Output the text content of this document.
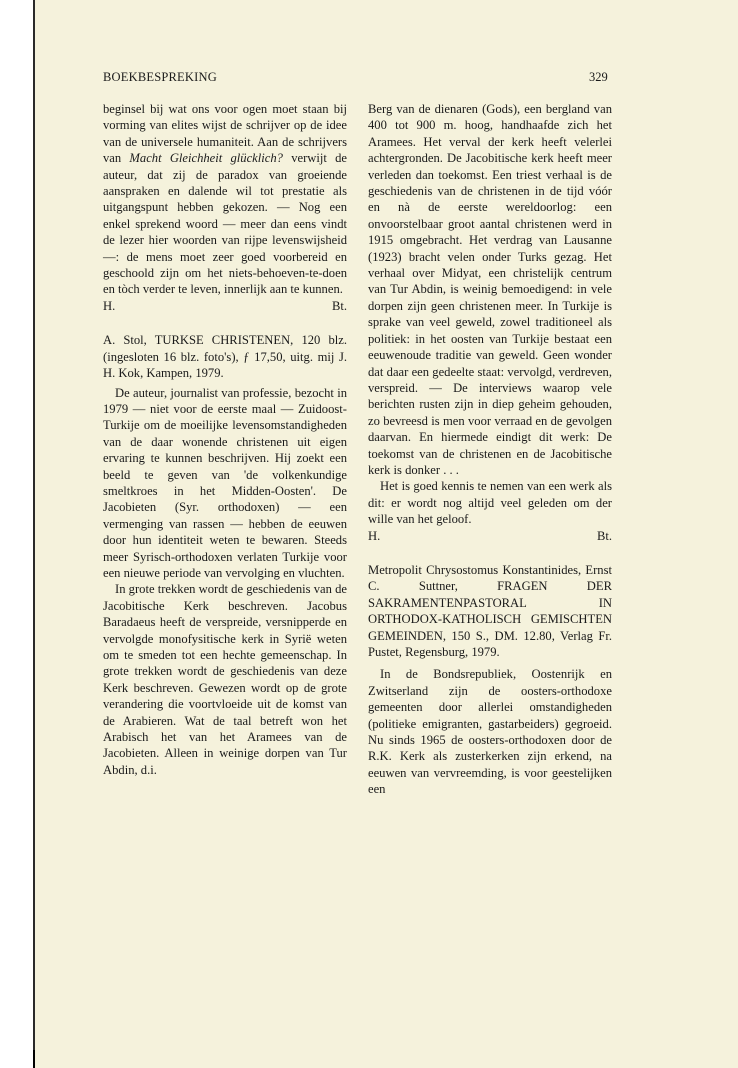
BOEKBESPREKING	329

beginsel bij wat ons voor ogen moet staan bij vorming van elites wijst de schrijver op de idee van de universele humaniteit. Aan de schrijvers van Macht Gleichheit glücklich? verwijt de auteur, dat zij de paradox van groeiende aanspraken en dalende wil tot prestatie als uitgangspunt hebben gekozen. — Nog een enkel sprekend woord — meer dan eens vindt de lezer hier woorden van rijpe levenswijsheid —: de mens moet zeer goed voorbereid en geschoold zijn om het niets-behoeven-te-doen en tòch verder te leven, innerlijk aan te kunnen.

H.	Bt.

A. Stol, TURKSE CHRISTENEN, 120 blz. (ingesloten 16 blz. foto's), ƒ 17,50, uitg. mij J. H. Kok, Kampen, 1979.

De auteur, journalist van professie, bezocht in 1979 — niet voor de eerste maal — Zuidoost-Turkije om de moeilijke levensomstandigheden van de daar wonende christenen uit eigen ervaring te kunnen beschrijven. Hij zoekt een beeld te geven van 'de volkenkundige smeltkroes in het Midden-Oosten'. De Jacobieten (Syr. orthodoxen) — een vermenging van rassen — hebben de eeuwen door hun identiteit weten te bewaren. Steeds meer Syrisch-orthodoxen verlaten Turkije voor een nieuwe periode van vervolging en vluchten.

In grote trekken wordt de geschiedenis van de Jacobitische Kerk beschreven. Jacobus Baradaeus heeft de verspreide, versnipperde en vervolgde monofysitische kerk in Syrië weten om te smeden tot een hechte gemeenschap. In grote trekken wordt de geschiedenis van deze Kerk beschreven. Gewezen wordt op de grote verandering die voortvloeide uit de komst van de Arabieren. Wat de taal betreft won het Arabisch het van het Aramees van de Jacobieten. Alleen in weinige dorpen van Tur Abdin, d.i.

Berg van de dienaren (Gods), een bergland van 400 tot 900 m. hoog, handhaafde zich het Aramees. Het verval der kerk heeft velerlei achtergronden. De Jacobitische kerk heeft meer verleden dan toekomst. Een triest verhaal is de geschiedenis van de christenen in de tijd vóór en nà de eerste wereldoorlog: een onvoorstelbaar groot aantal christenen werd in 1915 omgebracht. Het verdrag van Lausanne (1923) bracht velen onder Turks gezag. Het verhaal over Midyat, een christelijk centrum van Tur Abdin, is weinig bemoedigend: in vele dorpen zijn geen christenen meer. In Turkije is sprake van veel geweld, zowel traditioneel als politiek: in het oosten van Turkije bestaat een eeuwenoude traditie van geweld. Geen wonder dat daar een gedeelte staat: vervolgd, verdreven, verspreid. — De interviews waarop vele berichten rusten zijn in diep geheim gehouden, zo bevreesd is men voor verraad en de gevolgen daarvan. En hiermede eindigt dit werk: De toekomst van de christenen en de Jacobitische kerk is donker . . .

Het is goed kennis te nemen van een werk als dit: er wordt nog altijd veel geleden om der wille van het geloof.

H.	Bt.

Metropolit Chrysostomus Konstantinides, Ernst C. Suttner, FRAGEN DER SAKRAMENTENPASTORAL IN ORTHODOX-KATHOLISCH GEMISCHTEN GEMEINDEN, 150 S., DM. 12.80, Verlag Fr. Pustet, Regensburg, 1979.

In de Bondsrepubliek, Oostenrijk en Zwitserland zijn de oosters-orthodoxe gemeenten door allerlei omstandigheden (politieke emigranten, gastarbeiders) gegroeid. Nu sinds 1965 de oosters-orthodoxen door de R.K. Kerk als zusterkerken zijn erkend, na eeuwen van vervreemding, is voor geestelijken een
